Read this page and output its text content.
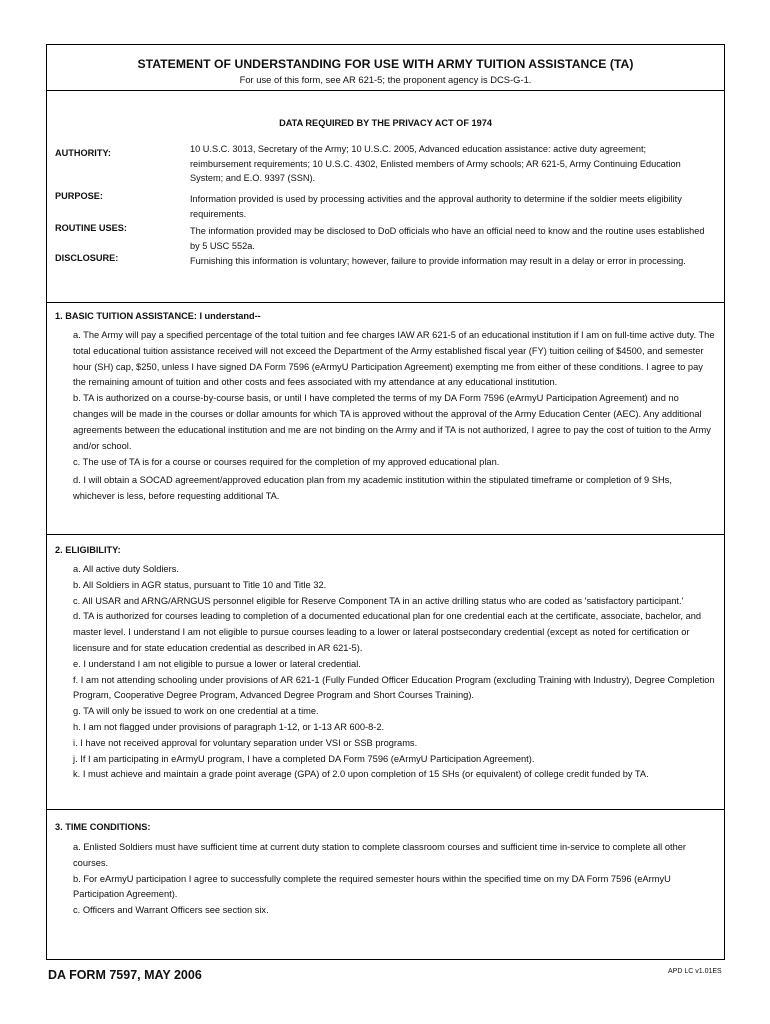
STATEMENT OF UNDERSTANDING FOR USE WITH ARMY TUITION ASSISTANCE (TA)
For use of this form, see AR 621-5; the proponent agency is DCS-G-1.
DATA REQUIRED BY THE PRIVACY ACT OF 1974
AUTHORITY:	10 U.S.C. 3013, Secretary of the Army; 10 U.S.C. 2005, Advanced education assistance: active duty agreement; reimbursement requirements; 10 U.S.C. 4302, Enlisted members of Army schools; AR 621-5, Army Continuing Education System; and E.O. 9397 (SSN).
PURPOSE:	Information provided is used by processing activities and the approval authority to determine if the soldier meets eligibility requirements.
ROUTINE USES:	The information provided may be disclosed to DoD officials who have an official need to know and the routine uses established by 5 USC 552a.
DISCLOSURE:	Furnishing this information is voluntary; however, failure to provide information may result in a delay or error in processing.
1. BASIC TUITION ASSISTANCE: I understand--

a. The Army will pay a specified percentage of the total tuition and fee charges IAW AR 621-5 of an educational institution if I am on full-time active duty. The total educational tuition assistance received will not exceed the Department of the Army established fiscal year (FY) tuition ceiling of $4500, and semester hour (SH) cap, $250, unless I have signed DA Form 7596 (eArmyU Participation Agreement) exempting me from either of these conditions. I agree to pay the remaining amount of tuition and other costs and fees associated with my attendance at any educational institution.

b. TA is authorized on a course-by-course basis, or until I have completed the terms of my DA Form 7596 (eArmyU Participation Agreement) and no changes will be made in the courses or dollar amounts for which TA is approved without the approval of the Army Education Center (AEC). Any additional agreements between the educational institution and me are not binding on the Army and if TA is not authorized, I agree to pay the cost of tuition to the Army and/or school.

c. The use of TA is for a course or courses required for the completion of my approved educational plan.

d. I will obtain a SOCAD agreement/approved education plan from my academic institution within the stipulated timeframe or completion of 9 SHs, whichever is less, before requesting additional TA.

2. ELIGIBILITY:

a. All active duty Soldiers.

b. All Soldiers in AGR status, pursuant to Title 10 and Title 32.

c. All USAR and ARNG/ARNGUS personnel eligible for Reserve Component TA in an active drilling status who are coded as 'satisfactory participant.'

d. TA is authorized for courses leading to completion of a documented educational plan for one credential each at the certificate, associate, bachelor, and master level. I understand I am not eligible to pursue courses leading to a lower or lateral postsecondary credential (except as noted for certification or licensure and for state education credential as described in AR 621-5).

e. I understand I am not eligible to pursue a lower or lateral credential.

f. I am not attending schooling under provisions of AR 621-1 (Fully Funded Officer Education Program (excluding Training with Industry), Degree Completion Program, Cooperative Degree Program, Advanced Degree Program and Short Courses Training).

g. TA will only be issued to work on one credential at a time.

h. I am not flagged under provisions of paragraph 1-12, or 1-13 AR 600-8-2.

i. I have not received approval for voluntary separation under VSI or SSB programs.

j. If I am participating in eArmyU program, I have a completed DA Form 7596 (eArmyU Participation Agreement).

k. I must achieve and maintain a grade point average (GPA) of 2.0 upon completion of 15 SHs (or equivalent) of college credit funded by TA.

3. TIME CONDITIONS:

a. Enlisted Soldiers must have sufficient time at current duty station to complete classroom courses and sufficient time in-service to complete all other courses.

b. For eArmyU participation I agree to successfully complete the required semester hours within the specified time on my DA Form 7596 (eArmyU Participation Agreement).

c. Officers and Warrant Officers see section six.

DA FORM 7597, MAY 2006	APD LC v1.01ES
